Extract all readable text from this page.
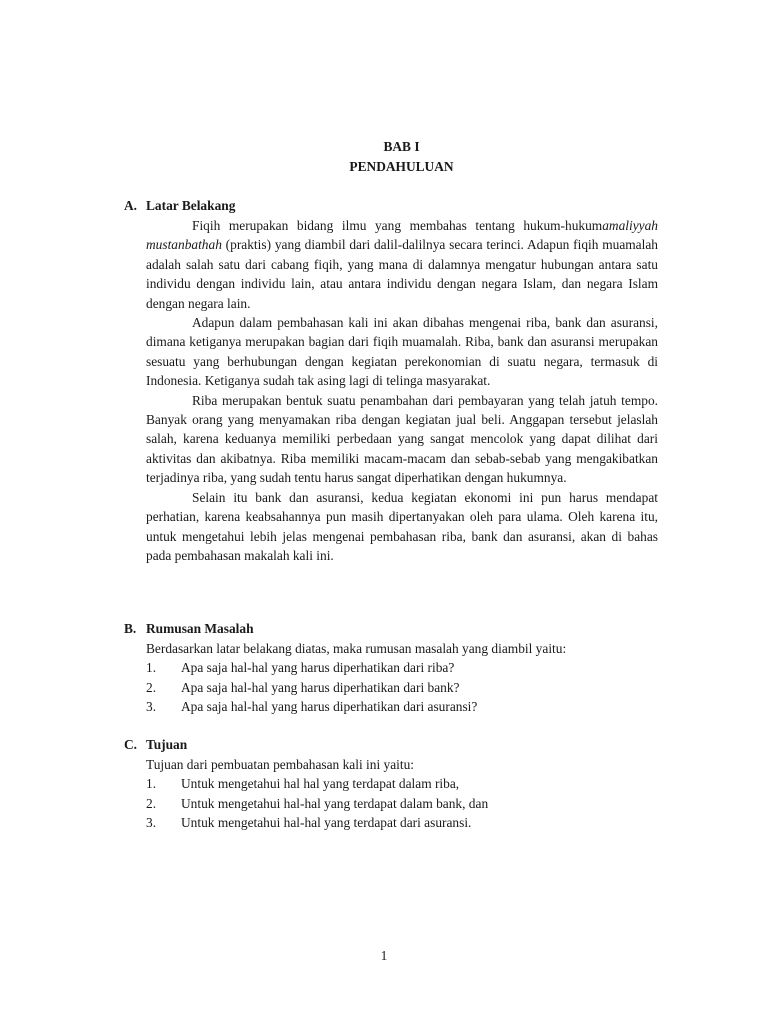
BAB I
PENDAHULUAN
A. Latar Belakang

Fiqih merupakan bidang ilmu yang membahas tentang hukum-hukumamaliyyah mustanbathah (praktis) yang diambil dari dalil-dalilnya secara terinci. Adapun fiqih muamalah adalah salah satu dari cabang fiqih, yang mana di dalamnya mengatur hubungan antara satu individu dengan individu lain, atau antara individu dengan negara Islam, dan negara Islam dengan negara lain.

Adapun dalam pembahasan kali ini akan dibahas mengenai riba, bank dan asuransi, dimana ketiganya merupakan bagian dari fiqih muamalah. Riba, bank dan asuransi merupakan sesuatu yang berhubungan dengan kegiatan perekonomian di suatu negara, termasuk di Indonesia. Ketiganya sudah tak asing lagi di telinga masyarakat.

Riba merupakan bentuk suatu penambahan dari pembayaran yang telah jatuh tempo. Banyak orang yang menyamakan riba dengan kegiatan jual beli. Anggapan tersebut jelaslah salah, karena keduanya memiliki perbedaan yang sangat mencolok yang dapat dilihat dari aktivitas dan akibatnya. Riba memiliki macam-macam dan sebab-sebab yang mengakibatkan terjadinya riba, yang sudah tentu harus sangat diperhatikan dengan hukumnya.

Selain itu bank dan asuransi, kedua kegiatan ekonomi ini pun harus mendapat perhatian, karena keabsahannya pun masih dipertanyakan oleh para ulama. Oleh karena itu, untuk mengetahui lebih jelas mengenai pembahasan riba, bank dan asuransi, akan di bahas pada pembahasan makalah kali ini.

B. Rumusan Masalah

Berdasarkan latar belakang diatas, maka rumusan masalah yang diambil yaitu:

1.	Apa saja hal-hal yang harus diperhatikan dari riba?
2.	Apa saja hal-hal yang harus diperhatikan dari bank?
3.	Apa saja hal-hal yang harus diperhatikan dari asuransi?
C. Tujuan

Tujuan dari pembuatan pembahasan kali ini yaitu:

1.	Untuk mengetahui hal hal yang terdapat dalam riba,
2.	Untuk mengetahui hal-hal yang terdapat dalam bank, dan
3.	Untuk mengetahui hal-hal yang terdapat dari asuransi.
1
